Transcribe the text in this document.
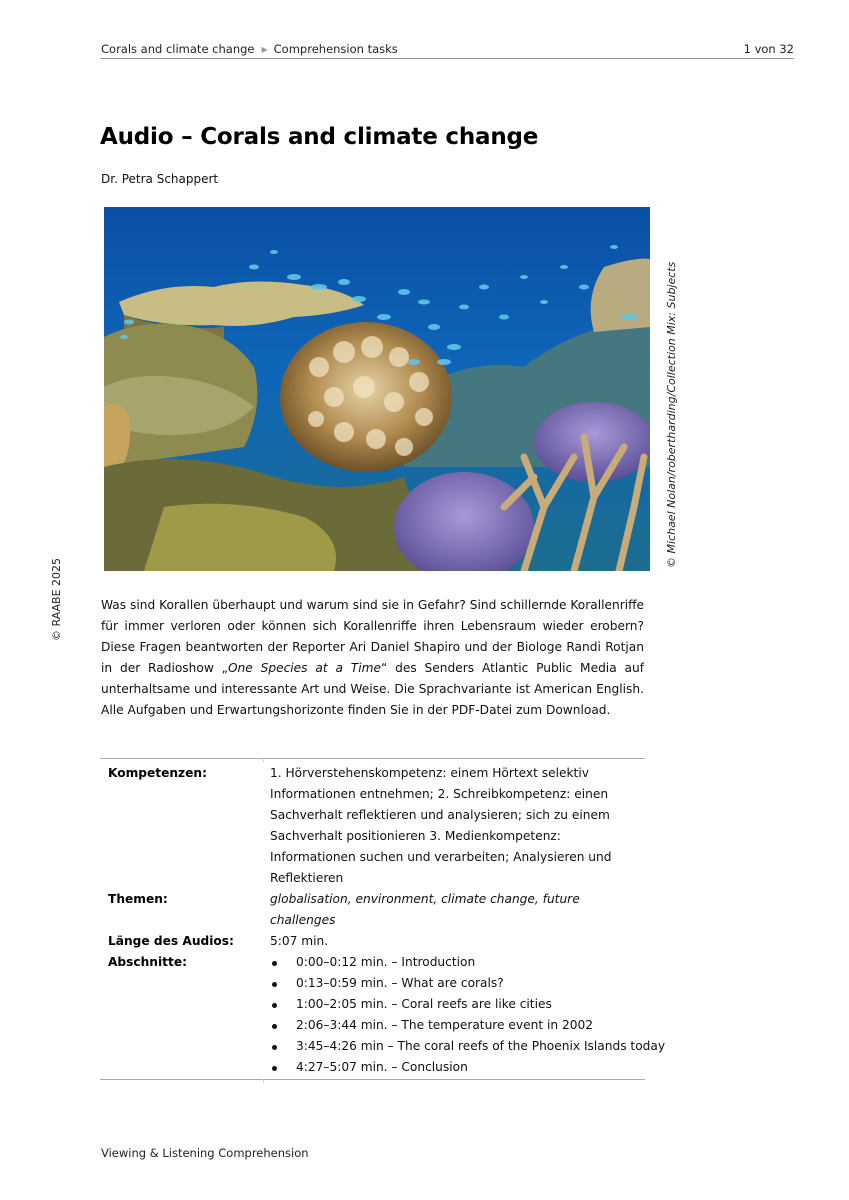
Corals and climate change ▶ Comprehension tasks	1 von 32
Audio – Corals and climate change
Dr. Petra Schappert
© Michael Nolan/robertharding/Collection Mix: Subjects
© RAABE 2025	Was sind Korallen überhaupt und warum sind sie in Gefahr? Sind schillernde Korallenriffe für immer verloren oder können sich Korallenriffe ihren Lebensraum wieder erobern? Diese Fragen beantworten der Reporter Ari Daniel Shapiro und der Biologe Randi Rotjan in der Radioshow „One Species at a Time“ des Senders Atlantic Public Media auf unterhaltsame und interessante Art und Weise. Die Sprachvariante ist American English. Alle Aufgaben und Erwartungshorizonte finden Sie in der PDF-Datei zum Download.

Kompetenzen:	1. Hörverstehenskompetenz: einem Hörtext selektiv Informationen entnehmen; 2. Schreibkompetenz: einen Sachverhalt reflektieren und analysieren; sich zu einem Sachverhalt positionieren 3. Medienkompetenz: Informationen suchen und verarbeiten; Analysieren und Reflektieren
Themen:	globalisation, environment, climate change, future challenges
Länge des Audios:	5:07 min.
Abschnitte:	0:00–0:12 min. – Introduction
0:13–0:59 min. – What are corals?
1:00–2:05 min. – Coral reefs are like cities
2:06–3:44 min. – The temperature event in 2002
3:45–4:26 min – The coral reefs of the Phoenix Islands today
4:27–5:07 min. – Conclusion
Viewing & Listening Comprehension
